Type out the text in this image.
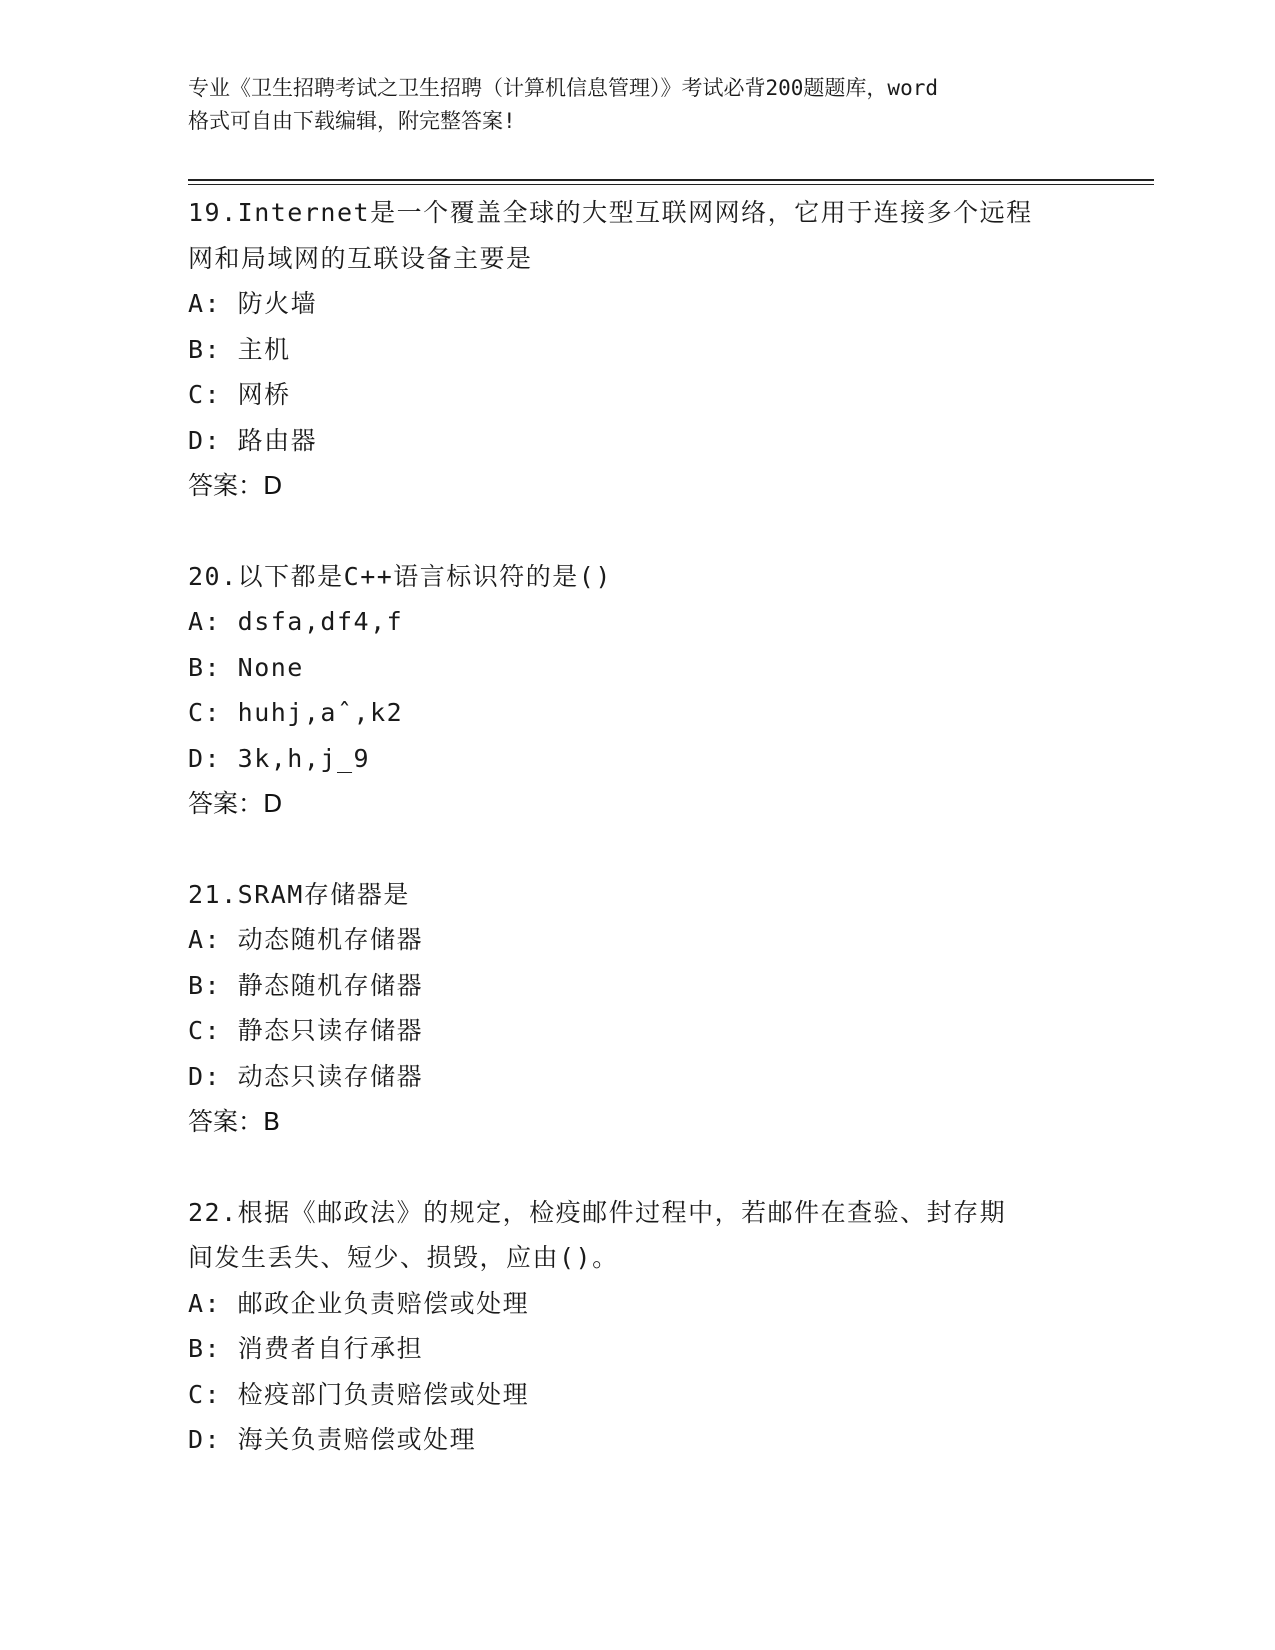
专业《卫生招聘考试之卫生招聘（计算机信息管理）》考试必背200题题库，word
格式可自由下载编辑，附完整答案!
19.Internet是一个覆盖全球的大型互联网网络，它用于连接多个远程
网和局域网的互联设备主要是
A: 防火墙
B: 主机
C: 网桥
D: 路由器
答案：D
20.以下都是C++语言标识符的是()
A: dsfa,df4,f
B: None
C: huhj,aˆ,k2
D: 3k,h,j_9
答案：D
21.SRAM存储器是
A: 动态随机存储器
B: 静态随机存储器
C: 静态只读存储器
D: 动态只读存储器
答案：B
22.根据《邮政法》的规定，检疫邮件过程中，若邮件在查验、封存期
间发生丢失、短少、损毁，应由()。
A: 邮政企业负责赔偿或处理
B: 消费者自行承担
C: 检疫部门负责赔偿或处理
D: 海关负责赔偿或处理
